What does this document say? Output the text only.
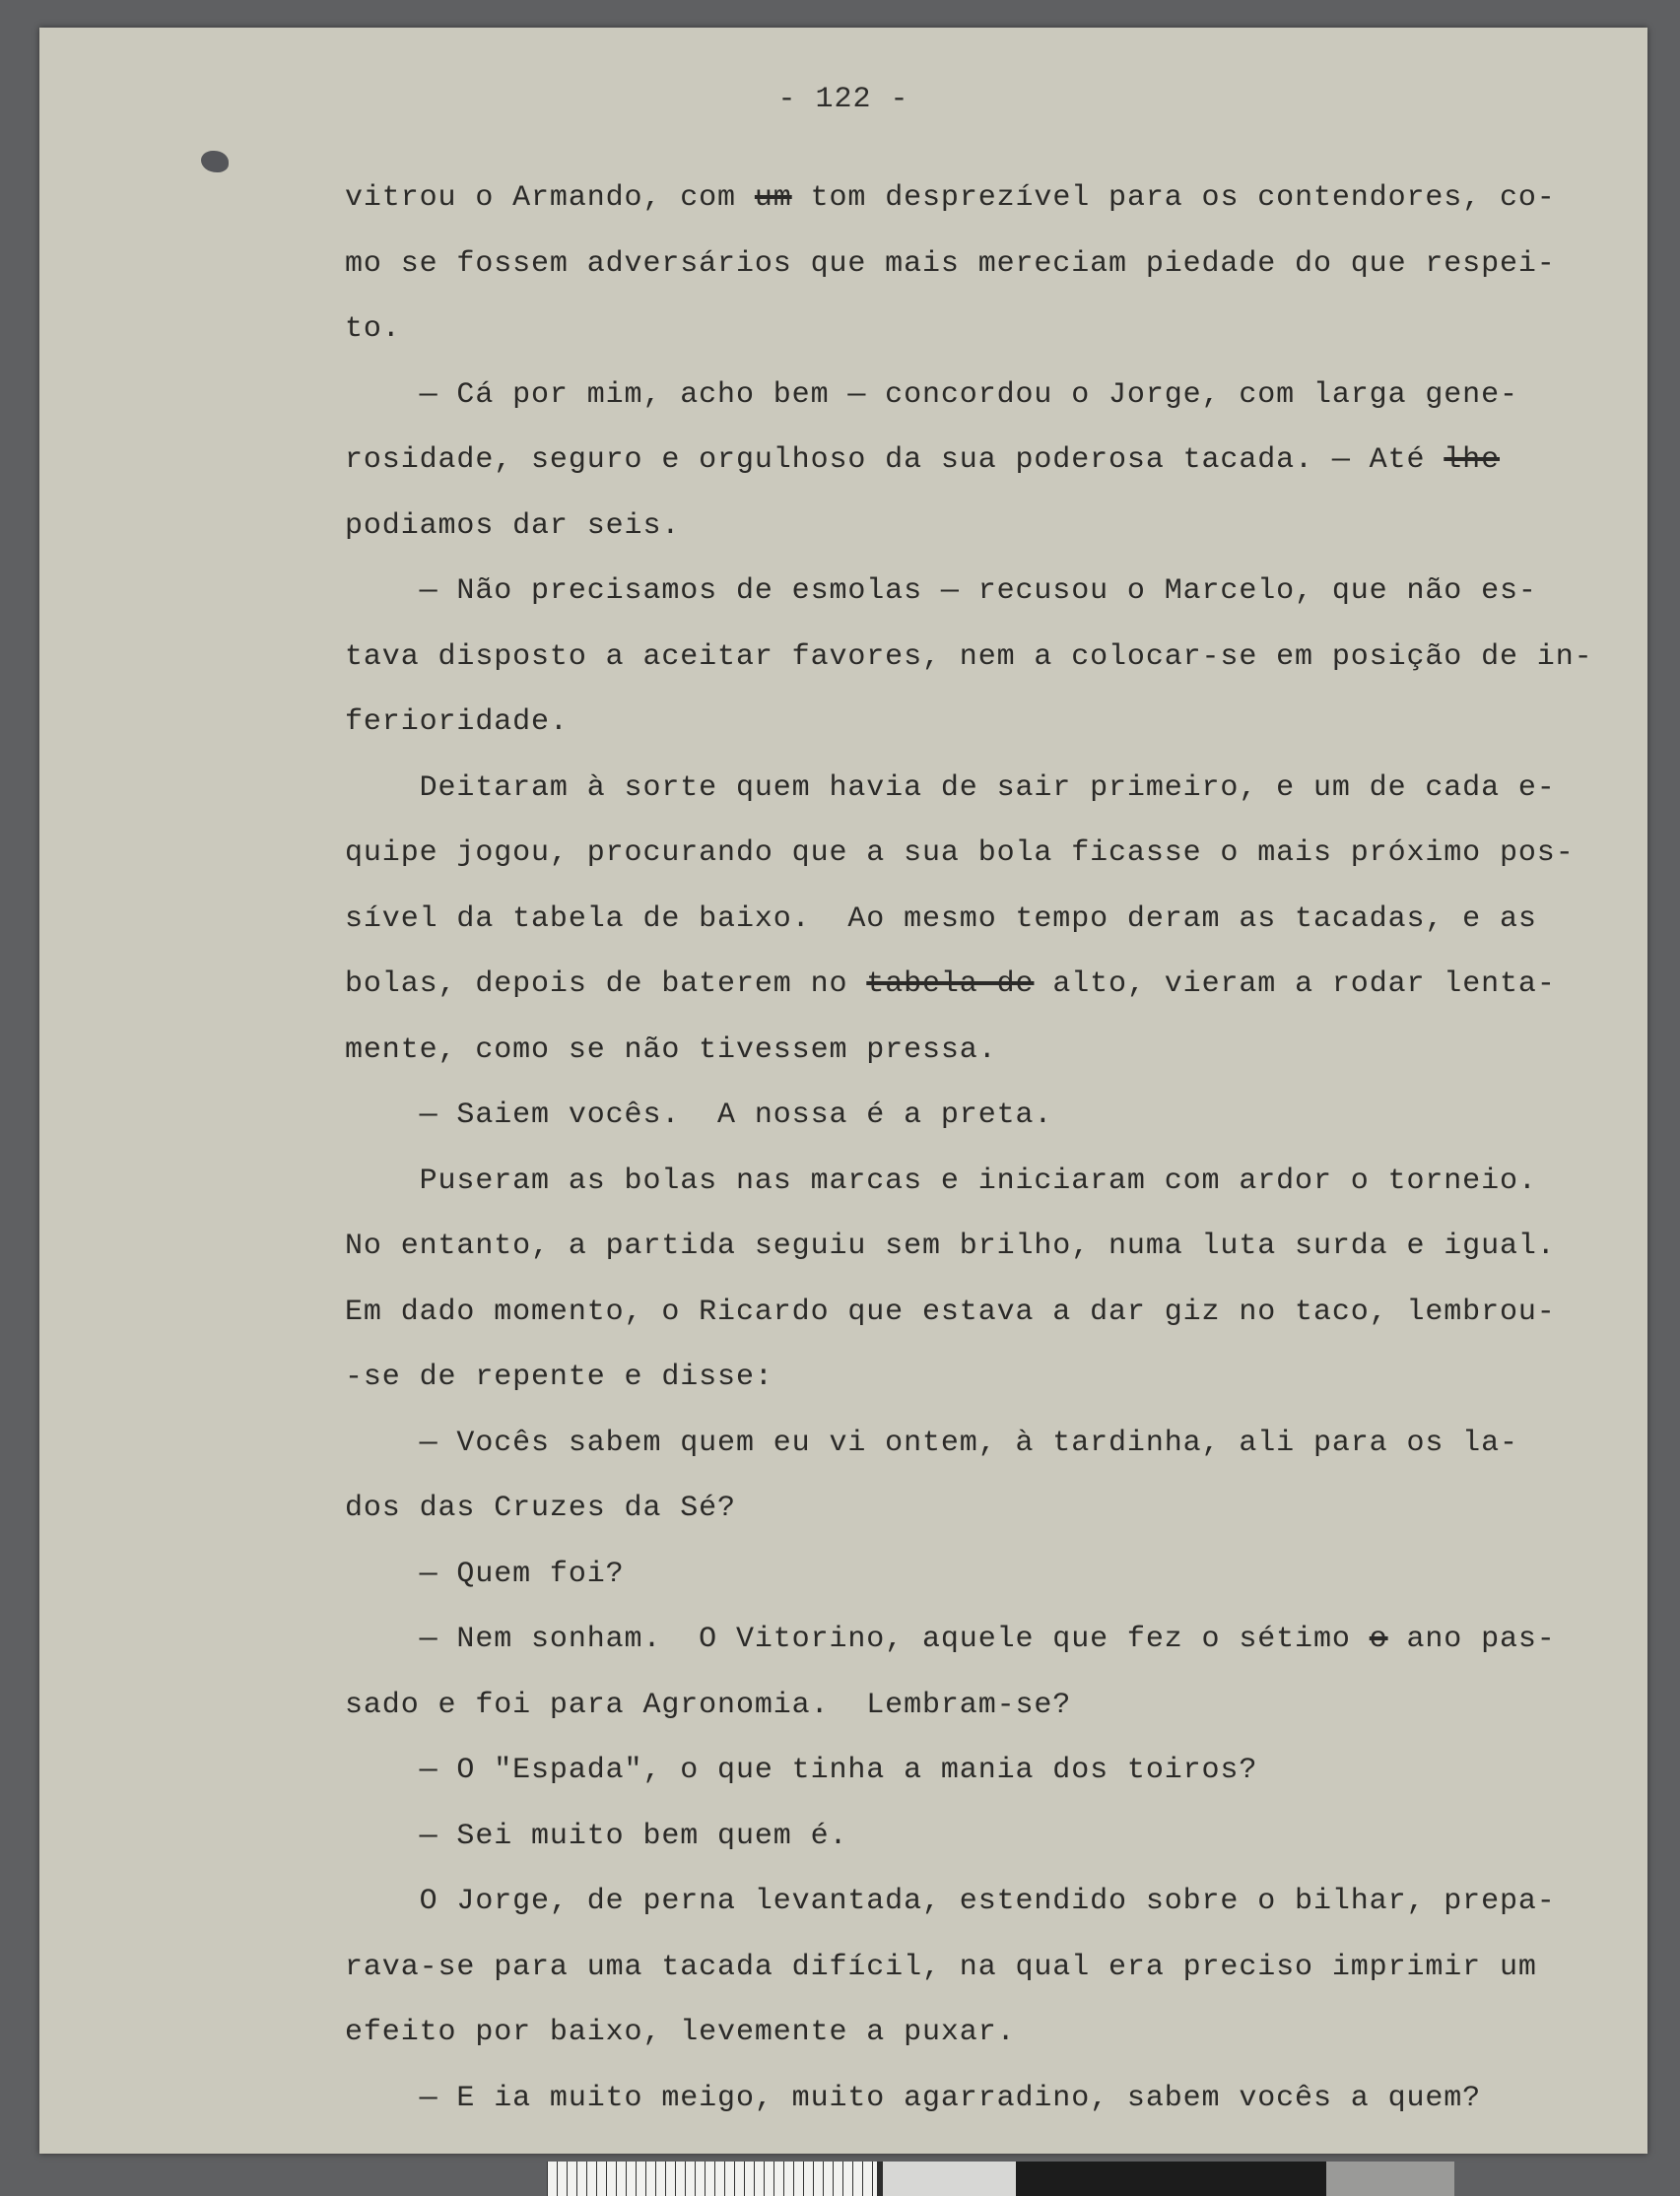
- 122 -
vitrou o Armando, com um tom desprezível para os contendores, co-
mo se fossem adversários que mais mereciam piedade do que respei-
to.
— Cá por mim, acho bem — concordou o Jorge, com larga gene-
rosidade, seguro e orgulhoso da sua poderosa tacada. — Até lhe
podiamos dar seis.
— Não precisamos de esmolas — recusou o Marcelo, que não es-
tava disposto a aceitar favores, nem a colocar-se em posição de in-
ferioridade.
Deitaram à sorte quem havia de sair primeiro, e um de cada e-
quipe jogou, procurando que a sua bola ficasse o mais próximo pos-
sível da tabela de baixo.  Ao mesmo tempo deram as tacadas, e as
bolas, depois de baterem no tabela de alto, vieram a rodar lenta-
mente, como se não tivessem pressa.
— Saiem vocês.  A nossa é a preta.
Puseram as bolas nas marcas e iniciaram com ardor o torneio.
No entanto, a partida seguiu sem brilho, numa luta surda e igual.
Em dado momento, o Ricardo que estava a dar giz no taco, lembrou-
-se de repente e disse:
— Vocês sabem quem eu vi ontem, à tardinha, ali para os la-
dos das Cruzes da Sé?
— Quem foi?
— Nem sonham.  O Vitorino, aquele que fez o sétimo o ano pas-
sado e foi para Agronomia.  Lembram-se?
— O "Espada", o que tinha a mania dos toiros?
— Sei muito bem quem é.
O Jorge, de perna levantada, estendido sobre o bilhar, prepa-
rava-se para uma tacada difícil, na qual era preciso imprimir um
efeito por baixo, levemente a puxar.
— E ia muito meigo, muito agarradino, sabem vocês a quem?
